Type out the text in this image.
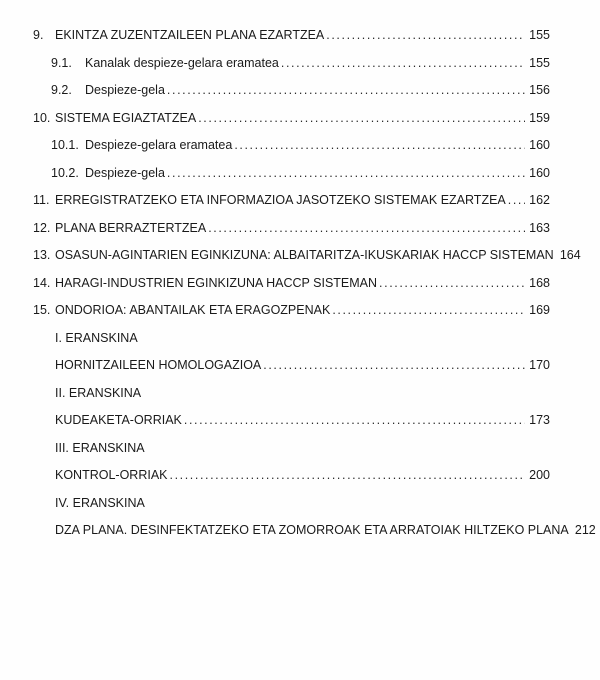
9. EKINTZA ZUZENTZAILEEN PLANA EZARTZEA .....	155
9.1.	Kanalak despieze-gelara eramatea .....	155
9.2.	Despieze-gela .....	156
10. SISTEMA EGIAZTATZEA .....	159
10.1. Despieze-gelara eramatea .....	160
10.2. Despieze-gela .....	160
11. ERREGISTRATZEKO ETA INFORMAZIOA JASOTZEKO SISTEMAK EZARTZEA ..... 162
12. PLANA BERRAZTERTZEA .....	163
13. OSASUN-AGINTARIEN EGINKIZUNA: ALBAITARITZA-IKUSKARIAK HACCP SISTEMAN 164
14. HARAGI-INDUSTRIEN EGINKIZUNA HACCP SISTEMAN .....	168
15. ONDORIOA: ABANTAILAK ETA ERAGOZPENAK .....	169
I. ERANSKINA
HORNITZAILEEN HOMOLOGAZIOA .....	170
II. ERANSKINA
KUDEAKETA-ORRIAK .....	173
III. ERANSKINA
KONTROL-ORRIAK .....	200
IV. ERANSKINA
DZA PLANA. DESINFEKTATZEKO ETA ZOMORROAK ETA ARRATOIAK HILTZEKO PLANA 212
